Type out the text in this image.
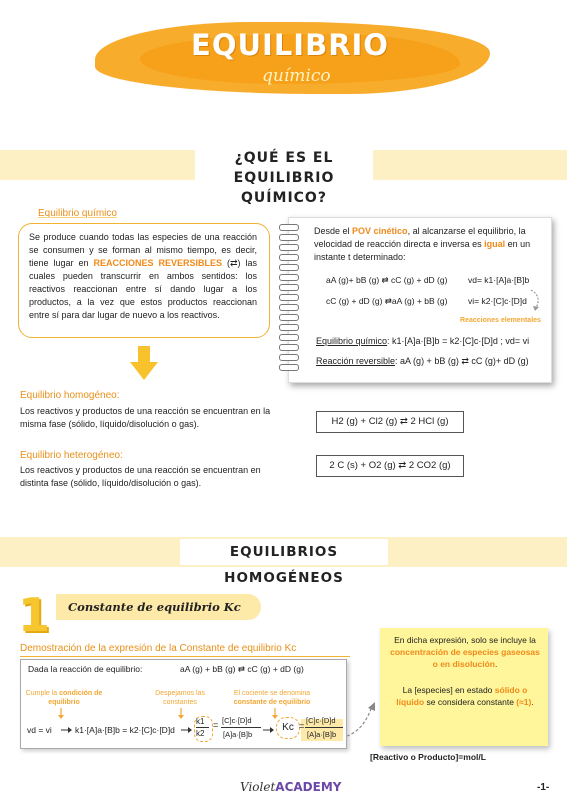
EQUILIBRIO
químico
¿QUÉ ES EL EQUILIBRIO
QUÍMICO?
Equilibrio químico
Se produce cuando todas las especies de una reacción se consumen y se forman al mismo tiempo, es decir, tiene lugar en REACCIONES REVERSIBLES (⇄) las cuales pueden transcurrir en ambos sentidos: los reactivos reaccionan entre sí dando lugar a los productos, a la vez que estos productos reaccionan entre sí para dar lugar de nuevo a los reactivos.
Desde el POV cinético, al alcanzarse el equilibrio, la velocidad de reacción directa e inversa es igual en un instante t determinado:
aA (g)+ bB (g) ⇄ cC (g) + dD (g) vd= k1·[A]a·[B]b
cC (g) + dD (g) ⇄aA (g) + bB (g) vi= k2·[C]c·[D]d
Reacciones elementales
Equilibrio químico: k1·[A]a·[B]b = k2·[C]c·[D]d ; vd= vi
Reacción reversible: aA (g) + bB (g) ⇄ cC (g)+ dD (g)
Equilibrio homogéneo:
Los reactivos y productos de una reacción se encuentran en la misma fase (sólido, líquido/disolución o gas).	H2 (g) + Cl2 (g) ⇄ 2 HCl (g)
Equilibrio heterogéneo:
Los reactivos y productos de una reacción se encuentran en distinta fase (sólido, líquido/disolución o gas).
2 C (s) + O2 (g) ⇄ 2 CO2 (g)
EQUILIBRIOS HOMOGÉNEOS
1 Constante de equilibrio Kc
Demostración de la expresión de la Constante de equilibrio Kc
Dada la reacción de equilibrio:	aA (g) + bB (g) ⇄ cC (g) + dD (g)
Cumple la condición de equilibrio
Despejamos las constantes
El cociente se denomina constante de equilibrio
vd = vi	k1·[A]a·[B]b = k2·[C]c·[D]d
k1
k2
= [C]c·[D]d
[A]a·[B]b
Kc =
[C]c·[D]d
[A]a·[B]b
En dicha expresión, solo se incluye la concentración de especies gaseosas o en disolución.
La [especies] en estado sólido o líquido se considera constante (≈1).
[Reactivo o Producto]=mol/L
VioletACADEMY	-1-
